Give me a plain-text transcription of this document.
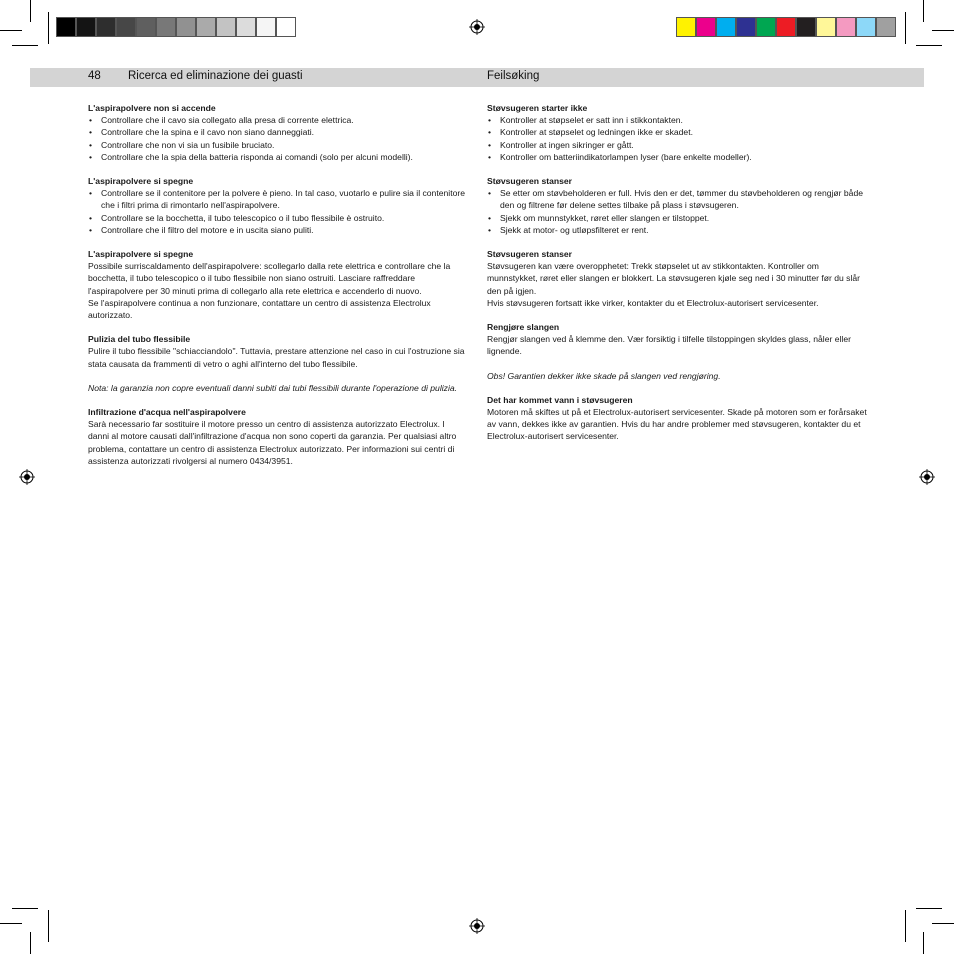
48 Ricerca ed eliminazione dei guasti	Feilsøking

L'aspirapolvere non si accende

• Controllare che il cavo sia collegato alla presa di corrente elettrica.
• Controllare che la spina e il cavo non siano danneggiati.
• Controllare che non vi sia un fusibile bruciato.
• Controllare che la spia della batteria risponda ai comandi (solo per alcuni modelli).

L'aspirapolvere si spegne

• Controllare se il contenitore per la polvere è pieno. In tal caso, vuotarlo e pulire sia il contenitore che i filtri prima di rimontarlo nell'aspirapolvere.
• Controllare se la bocchetta, il tubo telescopico o il tubo flessibile è ostruito.
• Controllare che il filtro del motore e in uscita siano puliti.

L'aspirapolvere si spegne

Possibile surriscaldamento dell'aspirapolvere: scollegarlo dalla rete elettrica e controllare che la bocchetta, il tubo telescopico o il tubo flessibile non siano ostruiti. Lasciare raffreddare l'aspirapolvere per 30 minuti prima di collegarlo alla rete elettrica e accenderlo di nuovo.

Se l'aspirapolvere continua a non funzionare, contattare un centro di assistenza Electrolux autorizzato.

Pulizia del tubo flessibile

Pulire il tubo flessibile "schiacciandolo". Tuttavia, prestare attenzione nel caso in cui l'ostruzione sia stata causata da frammenti di vetro o aghi all'interno del tubo flessibile.

Nota: la garanzia non copre eventuali danni subiti dai tubi flessibili durante l'operazione di pulizia.

Infiltrazione d'acqua nell'aspirapolvere

Sarà necessario far sostituire il motore presso un centro di assistenza autorizzato Electrolux. I danni al motore causati dall'infiltrazione d'acqua non sono coperti da garanzia. Per qualsiasi altro problema, contattare un centro di assistenza Electrolux autorizzato. Per informazioni sui centri di assistenza autorizzati rivolgersi al numero 0434/3951.

Støvsugeren starter ikke

• Kontroller at støpselet er satt inn i stikkontakten.
• Kontroller at støpselet og ledningen ikke er skadet.
• Kontroller at ingen sikringer er gått.
• Kontroller om batteriindikatorlampen lyser (bare enkelte modeller).

Støvsugeren stanser

• Se etter om støvbeholderen er full. Hvis den er det, tømmer du støvbeholderen og rengjør både den og filtrene før delene settes tilbake på plass i støvsugeren.
• Sjekk om munnstykket, røret eller slangen er tilstoppet.
• Sjekk at motor- og utløpsfilteret er rent.

Støvsugeren stanser

Støvsugeren kan være overopphetet: Trekk støpselet ut av stikkontakten. Kontroller om munnstykket, røret eller slangen er blokkert. La støvsugeren kjøle seg ned i 30 minutter før du slår den på igjen.

Hvis støvsugeren fortsatt ikke virker, kontakter du et Electrolux-autorisert servicesenter.

Rengjøre slangen

Rengjør slangen ved å klemme den. Vær forsiktig i tilfelle tilstoppingen skyldes glass, nåler eller lignende.

Obs! Garantien dekker ikke skade på slangen ved rengjøring.

Det har kommet vann i støvsugeren

Motoren må skiftes ut på et Electrolux-autorisert servicesenter. Skade på motoren som er forårsaket av vann, dekkes ikke av garantien. Hvis du har andre problemer med støvsugeren, kontakter du et Electrolux-autorisert servicesenter.
